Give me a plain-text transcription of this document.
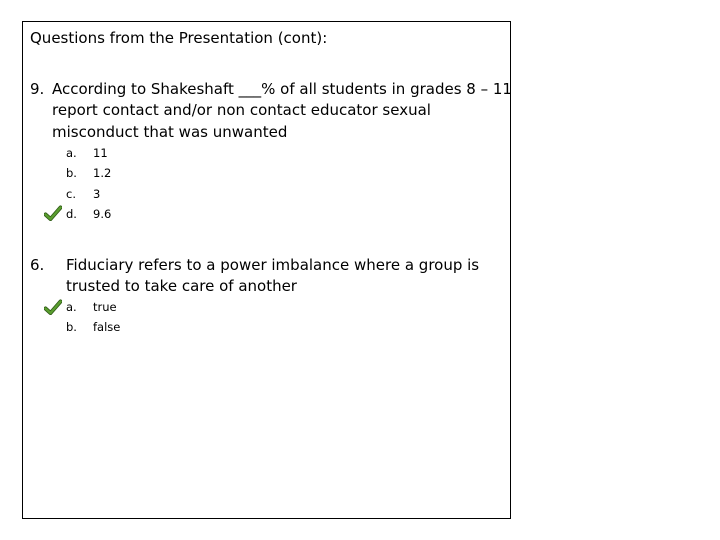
Questions from the Presentation (cont):
9. According to Shakeshaft ___% of all students in grades 8 – 11
report contact and/or non contact educator sexual
misconduct that was unwanted
a. 11
b. 1.2
c. 3
d. 9.6
6. Fiduciary refers to a power imbalance where a group is
trusted to take care of another
a. true
b. false
